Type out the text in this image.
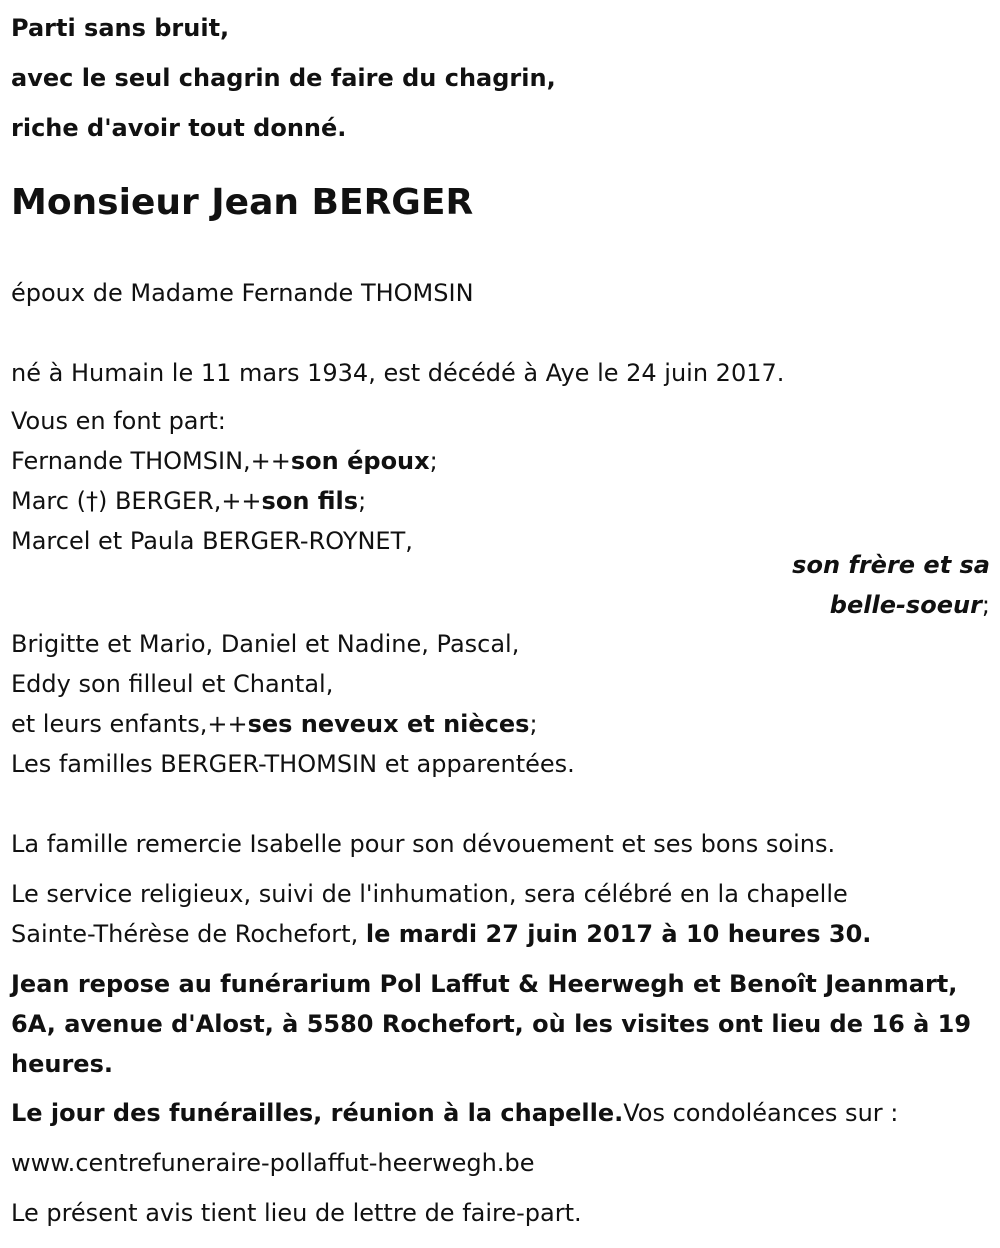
Parti sans bruit,
avec le seul chagrin de faire du chagrin,
riche d'avoir tout donné.
Monsieur Jean BERGER
époux de Madame Fernande THOMSIN
né à Humain le 11 mars 1934, est décédé à Aye le 24 juin 2017.
Vous en font part:
Fernande THOMSIN,++son époux;
Marc (†) BERGER,++son fils;
Marcel et Paula BERGER-ROYNET,
son frère et sa
belle-soeur;
Brigitte et Mario, Daniel et Nadine, Pascal,
Eddy son filleul et Chantal,
et leurs enfants,++ses neveux et nièces;
Les familles BERGER-THOMSIN et apparentées.
La famille remercie Isabelle pour son dévouement et ses bons soins.
Le service religieux, suivi de l'inhumation, sera célébré en la chapelle
Sainte-Thérèse de Rochefort, le mardi 27 juin 2017 à 10 heures 30.
Jean repose au funérarium Pol Laffut & Heerwegh et Benoît Jeanmart,
6A, avenue d'Alost, à 5580 Rochefort, où les visites ont lieu de 16 à 19
heures.
Le jour des funérailles, réunion à la chapelle.Vos condoléances sur :
www.centrefuneraire-pollaffut-heerwegh.be
Le présent avis tient lieu de lettre de faire-part.
